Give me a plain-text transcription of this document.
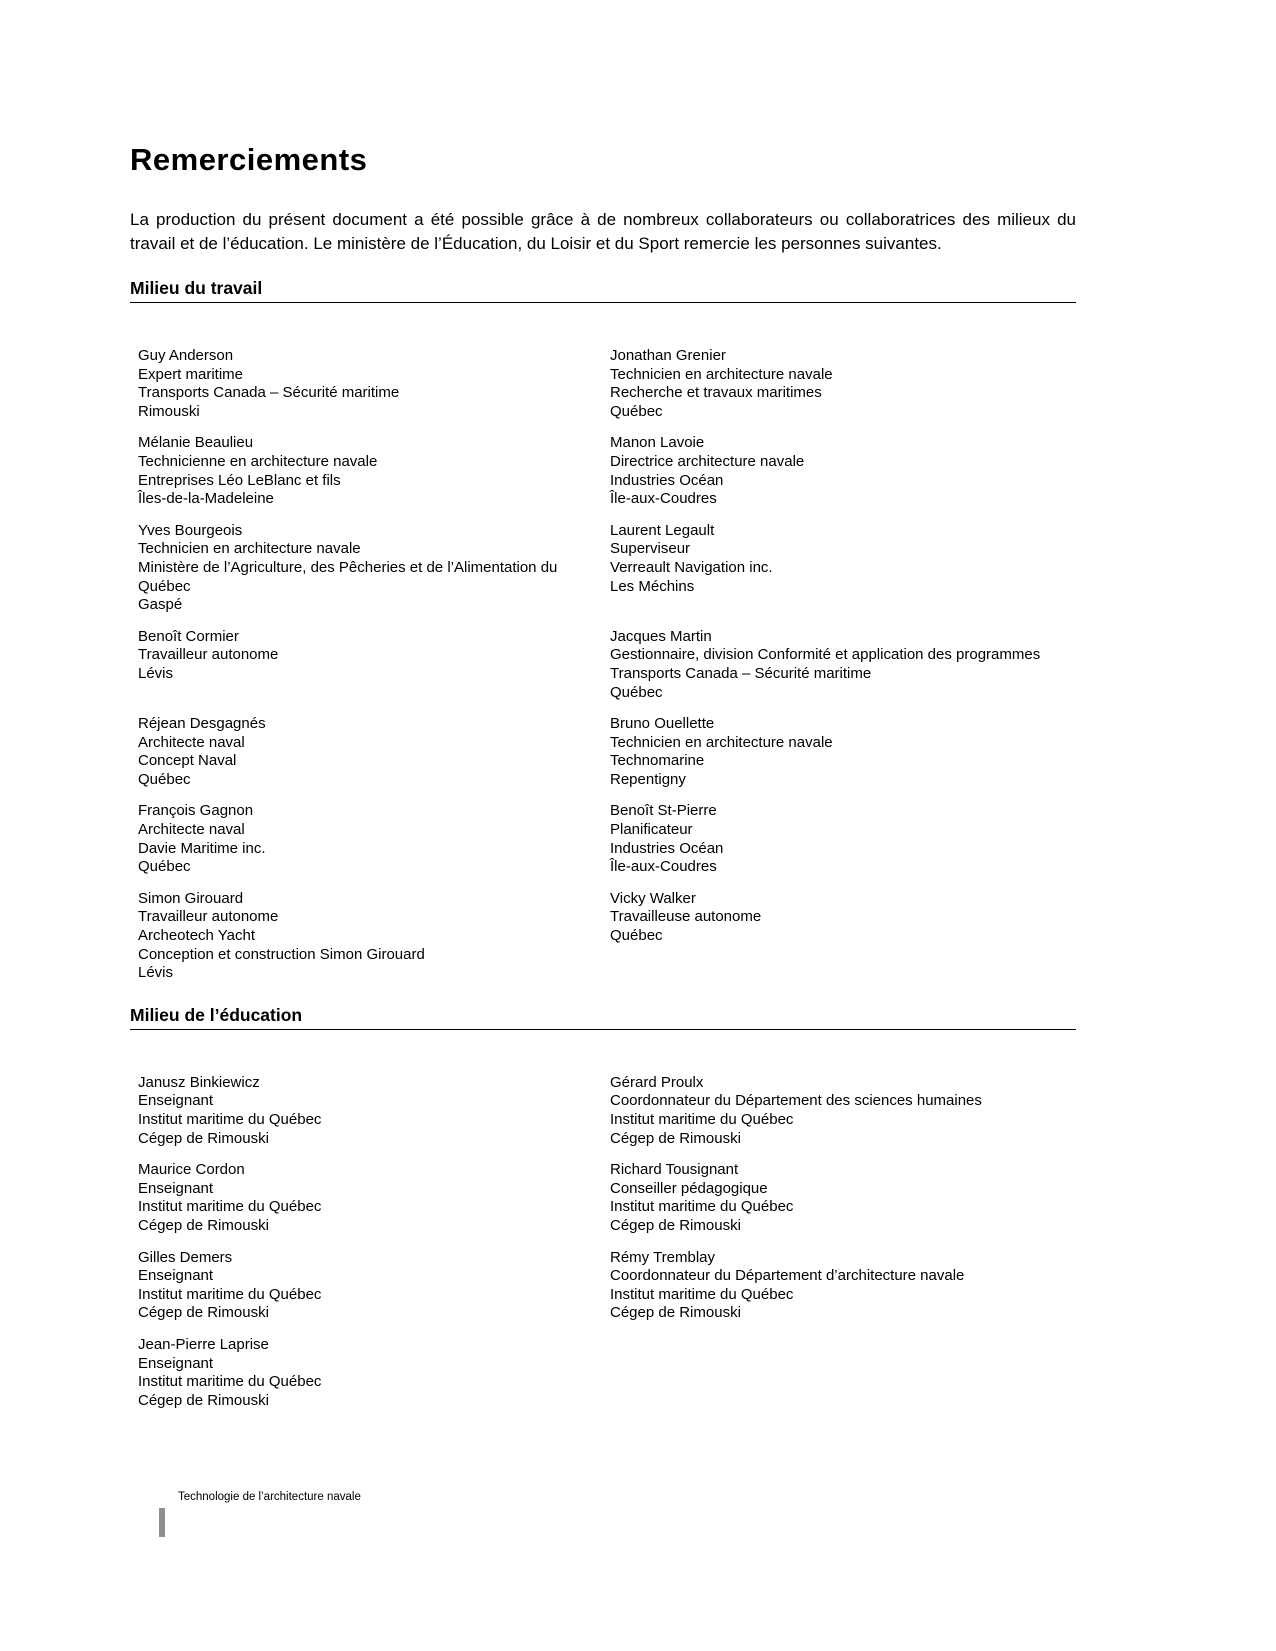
Remerciements

La production du présent document a été possible grâce à de nombreux collaborateurs ou collaboratrices des milieux du travail et de l’éducation. Le ministère de l’Éducation, du Loisir et du Sport remercie les personnes suivantes.

Milieu du travail
Guy Anderson
Expert maritime
Transports Canada – Sécurité maritime
Rimouski
Jonathan Grenier
Technicien en architecture navale
Recherche et travaux maritimes
Québec
Mélanie Beaulieu
Technicienne en architecture navale
Entreprises Léo LeBlanc et fils
Îles-de-la-Madeleine
Manon Lavoie
Directrice architecture navale
Industries Océan
Île-aux-Coudres
Yves Bourgeois
Technicien en architecture navale
Ministère de l’Agriculture, des Pêcheries et de l’Alimentation du Québec
Gaspé
Laurent Legault
Superviseur
Verreault Navigation inc.
Les Méchins
Benoît Cormier
Travailleur autonome
Lévis
Jacques Martin
Gestionnaire, division Conformité et application des programmes
Transports Canada – Sécurité maritime
Québec
Réjean Desgagnés
Architecte naval
Concept Naval
Québec
Bruno Ouellette
Technicien en architecture navale
Technomarine
Repentigny
François Gagnon
Architecte naval
Davie Maritime inc.
Québec
Benoît St-Pierre
Planificateur
Industries Océan
Île-aux-Coudres
Simon Girouard
Travailleur autonome
Archeotech Yacht
Conception et construction Simon Girouard
Lévis
Vicky Walker
Travailleuse autonome
Québec
Milieu de l’éducation
Janusz Binkiewicz
Enseignant
Institut maritime du Québec
Cégep de Rimouski
Gérard Proulx
Coordonnateur du Département des sciences humaines
Institut maritime du Québec
Cégep de Rimouski
Maurice Cordon
Enseignant
Institut maritime du Québec
Cégep de Rimouski
Richard Tousignant
Conseiller pédagogique
Institut maritime du Québec
Cégep de Rimouski
Gilles Demers
Enseignant
Institut maritime du Québec
Cégep de Rimouski
Rémy Tremblay
Coordonnateur du Département d’architecture navale
Institut maritime du Québec
Cégep de Rimouski
Jean-Pierre Laprise
Enseignant
Institut maritime du Québec
Cégep de Rimouski
Technologie de l’architecture navale
